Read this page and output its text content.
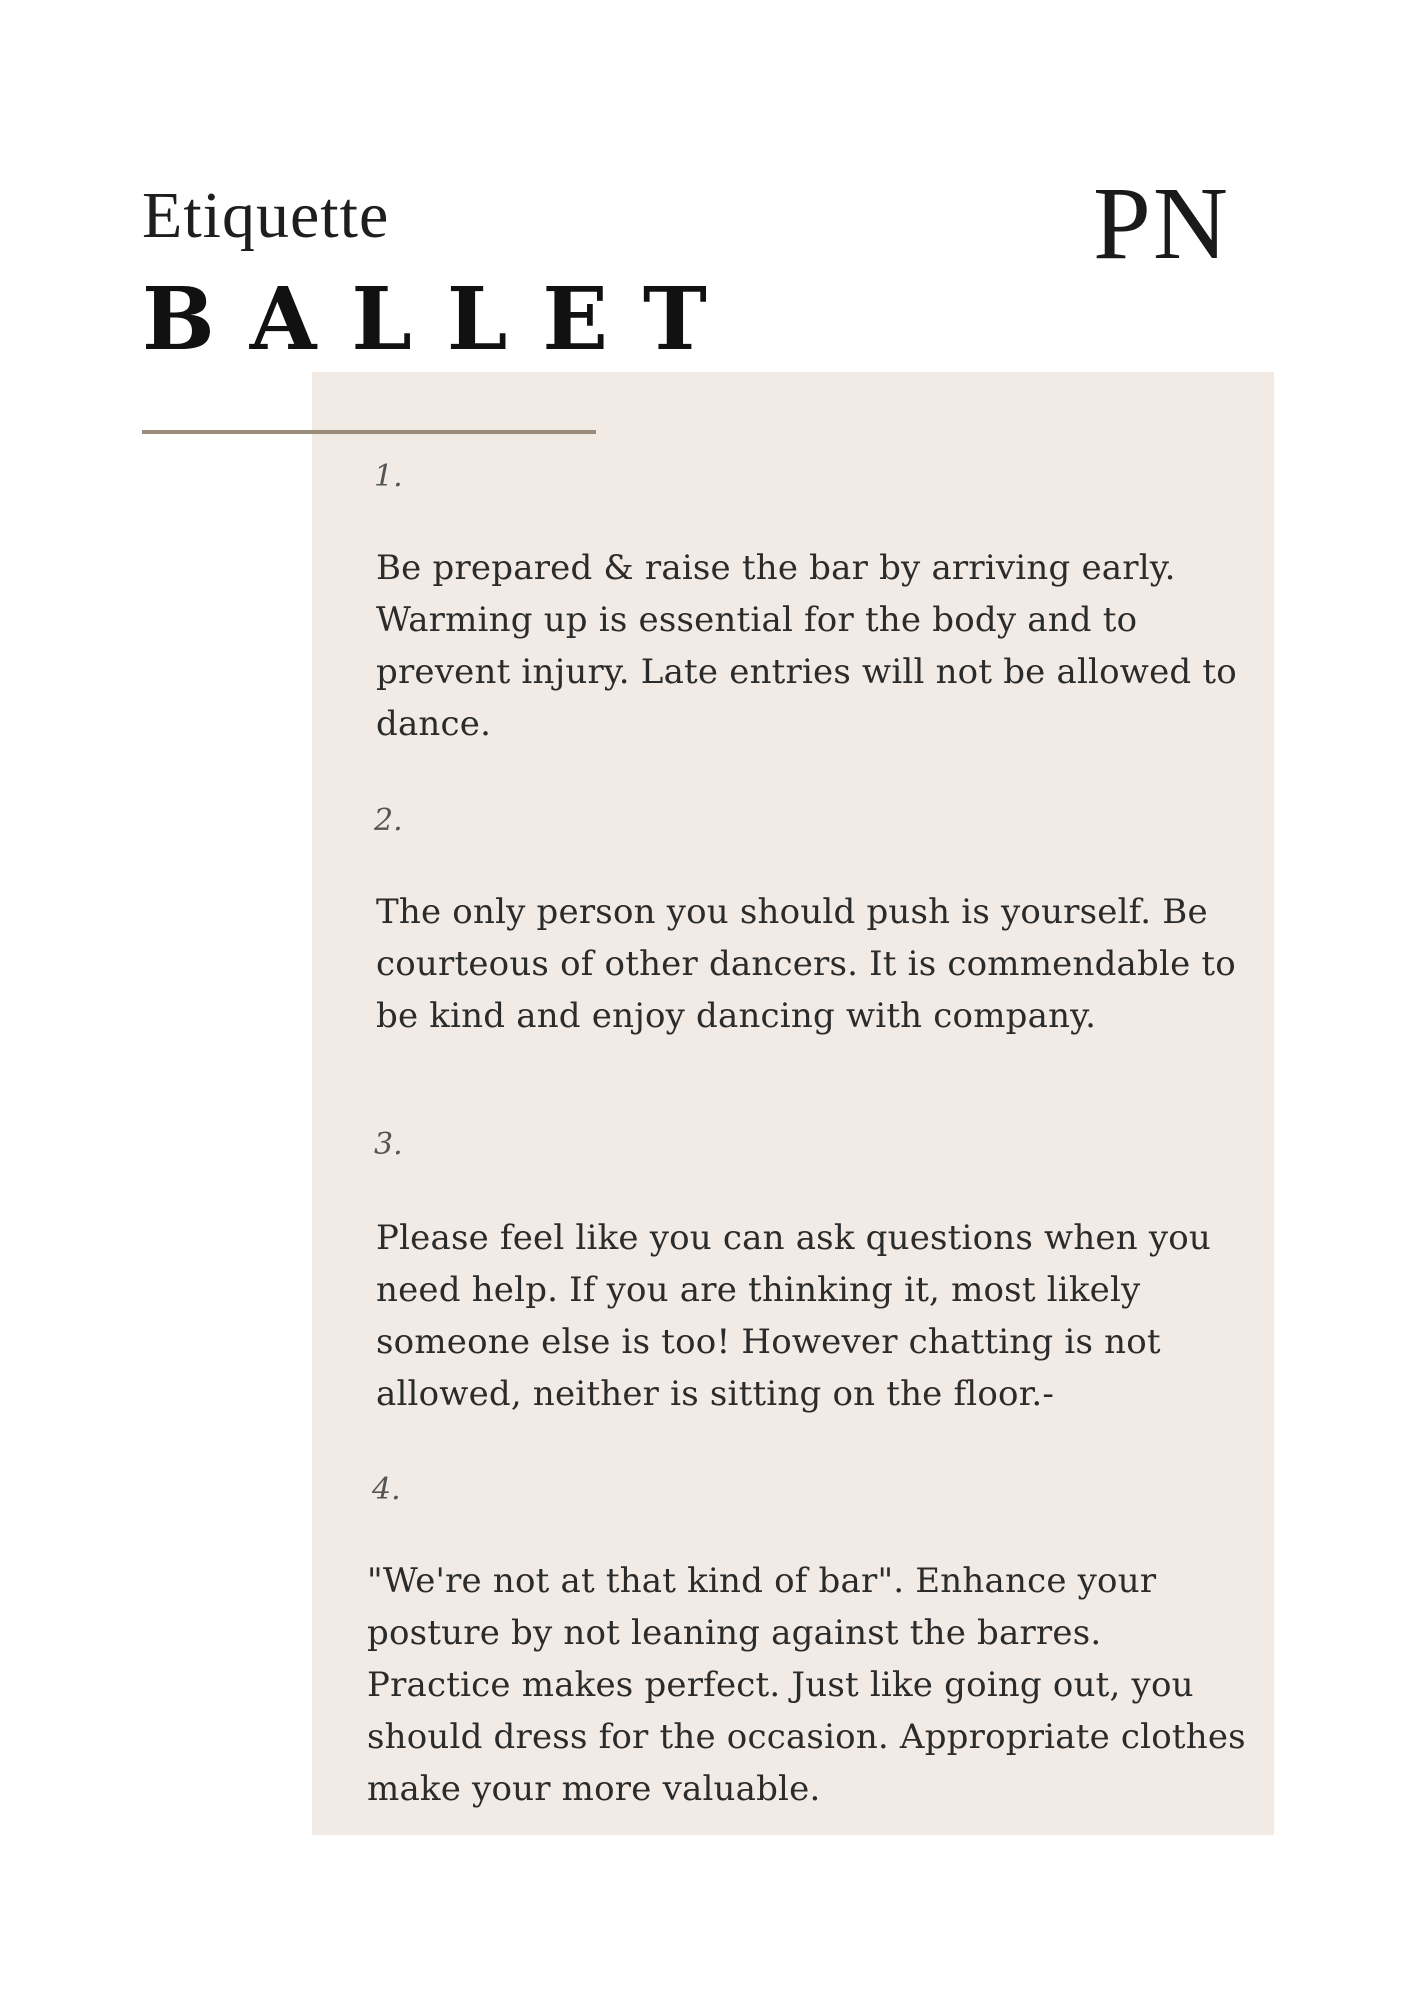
Etiquette
BALLET
PN
1.
Be prepared & raise the bar by arriving early. Warming up is essential for the body and to prevent injury. Late entries will not be allowed to dance.
2.
The only person you should push is yourself. Be courteous of other dancers. It is commendable to be kind and enjoy dancing with company.
3.
Please feel like you can ask questions when you need help. If you are thinking it, most likely someone else is too! However chatting is not allowed, neither is sitting on the floor.-
4.
"We're not at that kind of bar". Enhance your posture by not leaning against the barres. Practice makes perfect. Just like going out, you should dress for the occasion. Appropriate clothes make your more valuable.
